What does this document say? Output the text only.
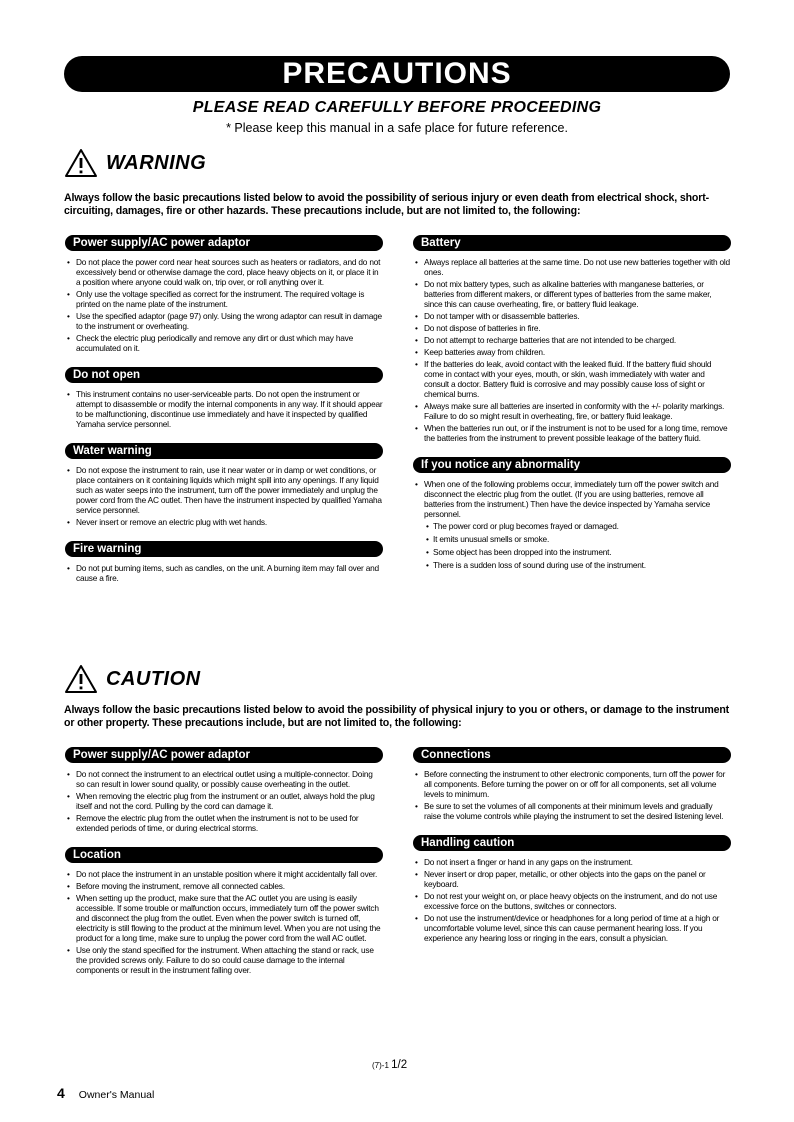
PRECAUTIONS
PLEASE READ CAREFULLY BEFORE PROCEEDING
* Please keep this manual in a safe place for future reference.
WARNING
Always follow the basic precautions listed below to avoid the possibility of serious injury or even death from electrical shock, short-circuiting, damages, fire or other hazards. These precautions include, but are not limited to, the following:
Power supply/AC power adaptor
• Do not place the power cord near heat sources such as heaters or radiators, and do not excessively bend or otherwise damage the cord, place heavy objects on it, or place it in a position where anyone could walk on, trip over, or roll anything over it.
• Only use the voltage specified as correct for the instrument. The required voltage is printed on the name plate of the instrument.
• Use the specified adaptor (page 97) only. Using the wrong adaptor can result in damage to the instrument or overheating.
• Check the electric plug periodically and remove any dirt or dust which may have accumulated on it.
Do not open
• This instrument contains no user-serviceable parts. Do not open the instrument or attempt to disassemble or modify the internal components in any way. If it should appear to be malfunctioning, discontinue use immediately and have it inspected by qualified Yamaha service personnel.
Water warning
• Do not expose the instrument to rain, use it near water or in damp or wet conditions, or place containers on it containing liquids which might spill into any openings. If any liquid such as water seeps into the instrument, turn off the power immediately and unplug the power cord from the AC outlet. Then have the instrument inspected by qualified Yamaha service personnel.
• Never insert or remove an electric plug with wet hands.
Fire warning
• Do not put burning items, such as candles, on the unit. A burning item may fall over and cause a fire.
Battery
• Always replace all batteries at the same time. Do not use new batteries together with old ones.
• Do not mix battery types, such as alkaline batteries with manganese batteries, or batteries from different makers, or different types of batteries from the same maker, since this can cause overheating, fire, or battery fluid leakage.
• Do not tamper with or disassemble batteries.
• Do not dispose of batteries in fire.
• Do not attempt to recharge batteries that are not intended to be charged.
• Keep batteries away from children.
• If the batteries do leak, avoid contact with the leaked fluid. If the battery fluid should come in contact with your eyes, mouth, or skin, wash immediately with water and consult a doctor. Battery fluid is corrosive and may possibly cause loss of sight or chemical burns.
• Always make sure all batteries are inserted in conformity with the +/- polarity markings. Failure to do so might result in overheating, fire, or battery fluid leakage.
• When the batteries run out, or if the instrument is not to be used for a long time, remove the batteries from the instrument to prevent possible leakage of the battery fluid.
If you notice any abnormality
• When one of the following problems occur, immediately turn off the power switch and disconnect the electric plug from the outlet. (If you are using batteries, remove all batteries from the instrument.) Then have the device inspected by Yamaha service personnel.
• The power cord or plug becomes frayed or damaged.
• It emits unusual smells or smoke.
• Some object has been dropped into the instrument.
• There is a sudden loss of sound during use of the instrument.
CAUTION
Always follow the basic precautions listed below to avoid the possibility of physical injury to you or others, or damage to the instrument or other property. These precautions include, but are not limited to, the following:
Power supply/AC power adaptor
• Do not connect the instrument to an electrical outlet using a multiple-connector. Doing so can result in lower sound quality, or possibly cause overheating in the outlet.
• When removing the electric plug from the instrument or an outlet, always hold the plug itself and not the cord. Pulling by the cord can damage it.
• Remove the electric plug from the outlet when the instrument is not to be used for extended periods of time, or during electrical storms.
Location
• Do not place the instrument in an unstable position where it might accidentally fall over.
• Before moving the instrument, remove all connected cables.
• When setting up the product, make sure that the AC outlet you are using is easily accessible. If some trouble or malfunction occurs, immediately turn off the power switch and disconnect the plug from the outlet. Even when the power switch is turned off, electricity is still flowing to the product at the minimum level. When you are not using the product for a long time, make sure to unplug the power cord from the wall AC outlet.
• Use only the stand specified for the instrument. When attaching the stand or rack, use the provided screws only. Failure to do so could cause damage to the internal components or result in the instrument falling over.
Connections
• Before connecting the instrument to other electronic components, turn off the power for all components. Before turning the power on or off for all components, set all volume levels to minimum.
• Be sure to set the volumes of all components at their minimum levels and gradually raise the volume controls while playing the instrument to set the desired listening level.
Handling caution
• Do not insert a finger or hand in any gaps on the instrument.
• Never insert or drop paper, metallic, or other objects into the gaps on the panel or keyboard.
• Do not rest your weight on, or place heavy objects on the instrument, and do not use excessive force on the buttons, switches or connectors.
• Do not use the instrument/device or headphones for a long period of time at a high or uncomfortable volume level, since this can cause permanent hearing loss. If you experience any hearing loss or ringing in the ears, consult a physician.
(7)-1 1/2
4 Owner's Manual
